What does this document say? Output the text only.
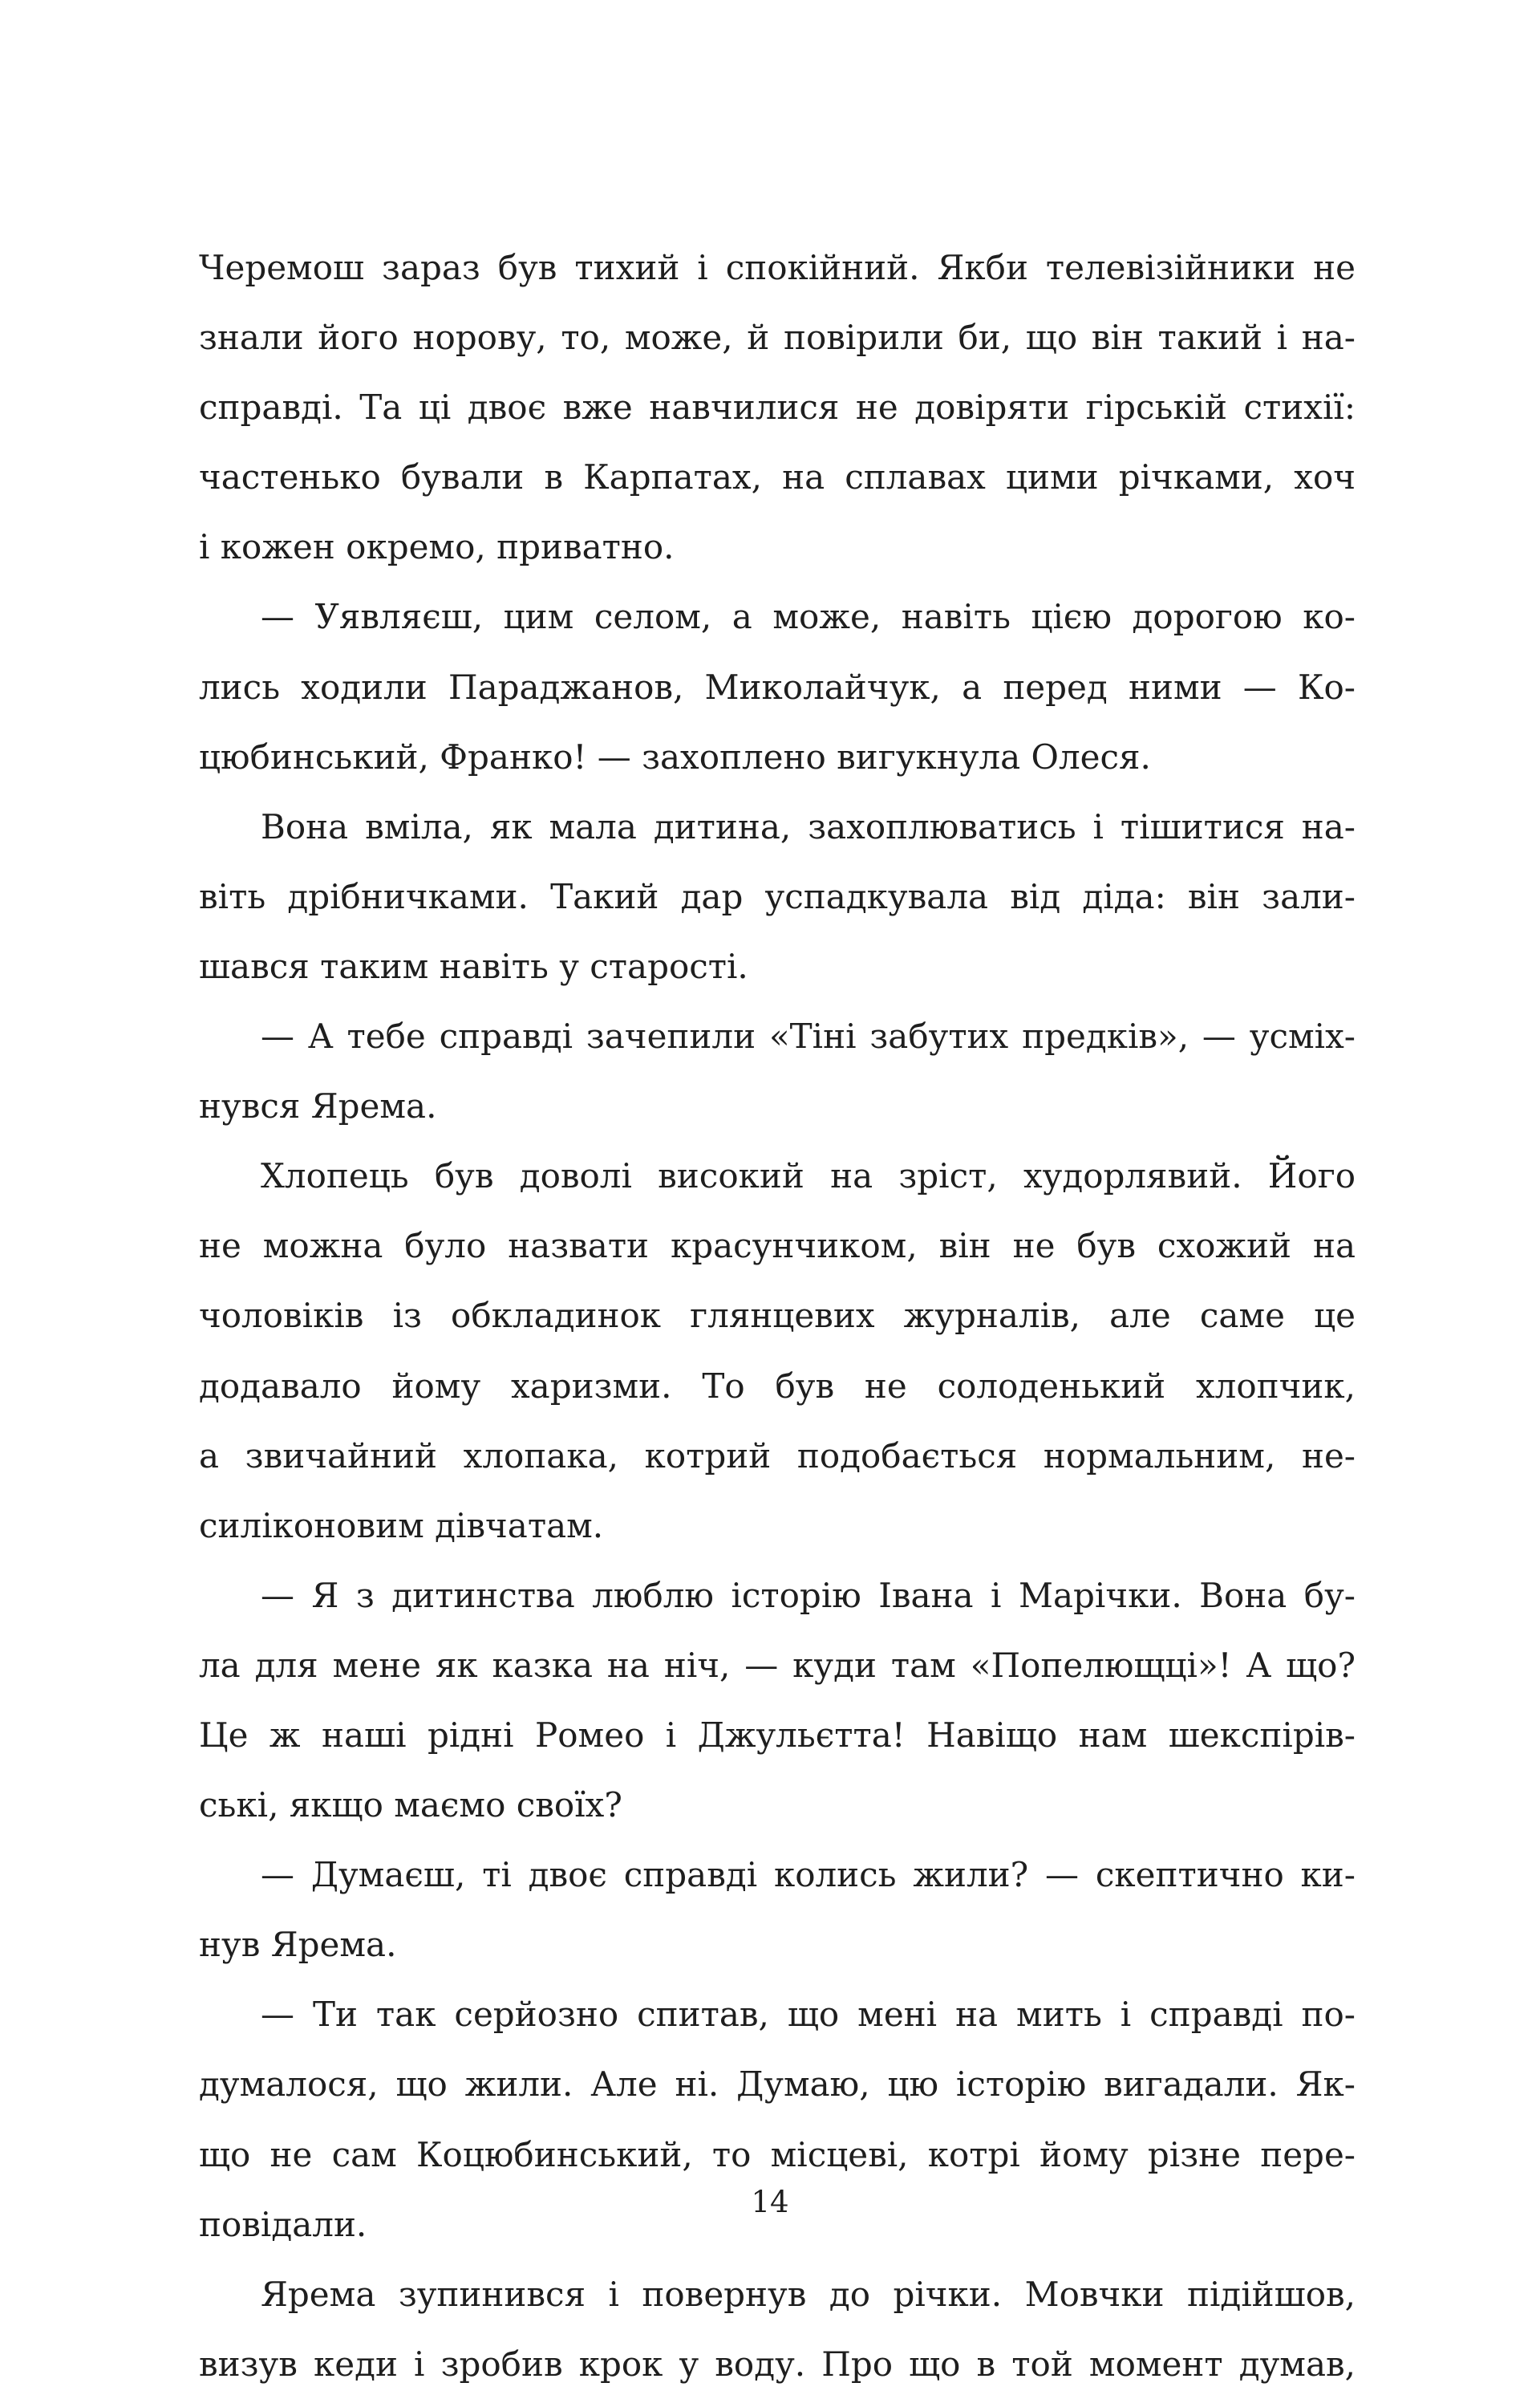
Черемош зараз був тихий і спокійний. Якби телевізійники не
знали його норову, то, може, й повірили би, що він такий і на-
справді. Та ці двоє вже навчилися не довіряти гірській стихії:
частенько бували в Карпатах, на сплавах цими річками, хоч
і кожен окремо, приватно.
— Уявляєш, цим селом, а може, навіть цією дорогою ко-
лись ходили Параджанов, Миколайчук, а перед ними — Ко-
цюбинський, Франко! — захоплено вигукнула Олеся.
Вона вміла, як мала дитина, захоплюватись і тішитися на-
віть дрібничками. Такий дар успадкувала від діда: він зали-
шався таким навіть у старості.
— А тебе справді зачепили «Тіні забутих предків», — усміх-
нувся Ярема.
Хлопець був доволі високий на зріст, худорлявий. Його
не можна було назвати красунчиком, він не був схожий на
чоловіків із обкладинок глянцевих журналів, але саме це
додавало йому харизми. То був не солоденький хлопчик,
а звичайний хлопака, котрий подобається нормальним, не-
силіконовим дівчатам.
— Я з дитинства люблю історію Івана і Марічки. Вона бу-
ла для мене як казка на ніч, — куди там «Попелющці»! А що?
Це ж наші рідні Ромео і Джульєтта! Навіщо нам шекспірів-
ські, якщо маємо своїх?
— Думаєш, ті двоє справді колись жили? — скептично ки-
нув Ярема.
— Ти так серйозно спитав, що мені на мить і справді по-
думалося, що жили. Але ні. Думаю, цю історію вигадали. Як-
що не сам Коцюбинський, то місцеві, котрі йому різне пере-
повідали.
Ярема зупинився і повернув до річки. Мовчки підійшов,
визув кеди і зробив крок у воду. Про що в той момент думав,
14
